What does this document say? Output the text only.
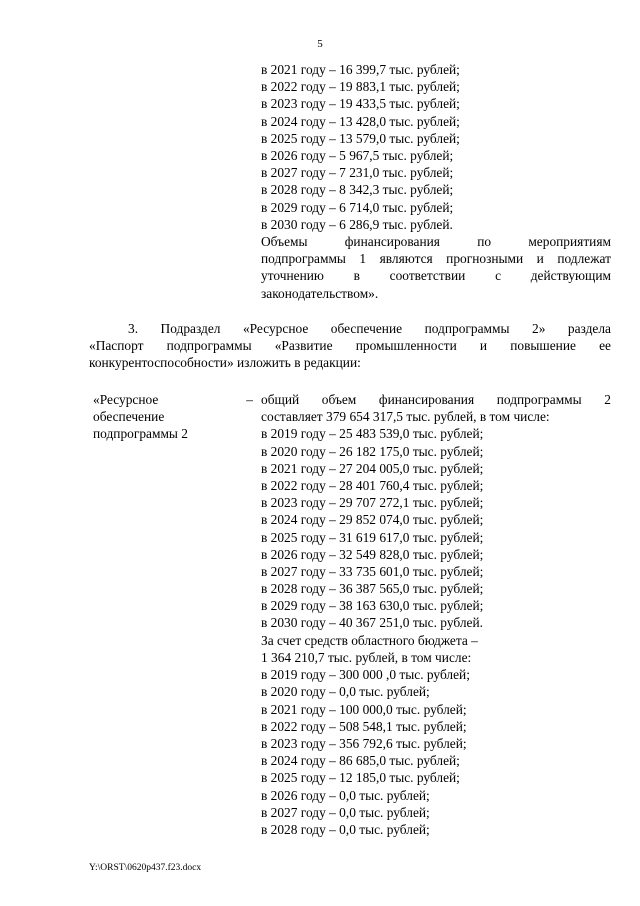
5
в 2021 году – 16 399,7 тыс. рублей;
в 2022 году – 19 883,1 тыс. рублей;
в 2023 году – 19 433,5 тыс. рублей;
в 2024 году – 13 428,0 тыс. рублей;
в 2025 году – 13 579,0 тыс. рублей;
в 2026 году – 5 967,5 тыс. рублей;
в 2027 году – 7 231,0 тыс. рублей;
в 2028 году – 8 342,3 тыс. рублей;
в 2029 году – 6 714,0 тыс. рублей;
в 2030 году – 6 286,9 тыс. рублей.
Объемы	финансирования	по	мероприятиям
подпрограммы 1 являются прогнозными и подлежат
уточнению в соответствии с действующим
законодательством».
3. Подраздел «Ресурсное обеспечение подпрограммы 2» раздела
«Паспорт подпрограммы «Развитие промышленности и повышение ее
конкурентоспособности» изложить в редакции:
«Ресурсное	–
обеспечение
подпрограммы 2
общий объем финансирования подпрограммы 2
составляет 379 654 317,5 тыс. рублей, в том числе:
в 2019 году – 25 483 539,0 тыс. рублей;
в 2020 году – 26 182 175,0 тыс. рублей;
в 2021 году – 27 204 005,0 тыс. рублей;
в 2022 году – 28 401 760,4 тыс. рублей;
в 2023 году – 29 707 272,1 тыс. рублей;
в 2024 году – 29 852 074,0 тыс. рублей;
в 2025 году – 31 619 617,0 тыс. рублей;
в 2026 году – 32 549 828,0 тыс. рублей;
в 2027 году – 33 735 601,0 тыс. рублей;
в 2028 году – 36 387 565,0 тыс. рублей;
в 2029 году – 38 163 630,0 тыс. рублей;
в 2030 году – 40 367 251,0 тыс. рублей.
За счет средств областного бюджета –
1 364 210,7 тыс. рублей, в том числе:
в 2019 году – 300 000 ,0 тыс. рублей;
в 2020 году – 0,0 тыс. рублей;
в 2021 году – 100 000,0 тыс. рублей;
в 2022 году – 508 548,1 тыс. рублей;
в 2023 году – 356 792,6 тыс. рублей;
в 2024 году – 86 685,0 тыс. рублей;
в 2025 году – 12 185,0 тыс. рублей;
в 2026 году – 0,0 тыс. рублей;
в 2027 году – 0,0 тыс. рублей;
в 2028 году – 0,0 тыс. рублей;
Y:\ORST\0620p437.f23.docx
